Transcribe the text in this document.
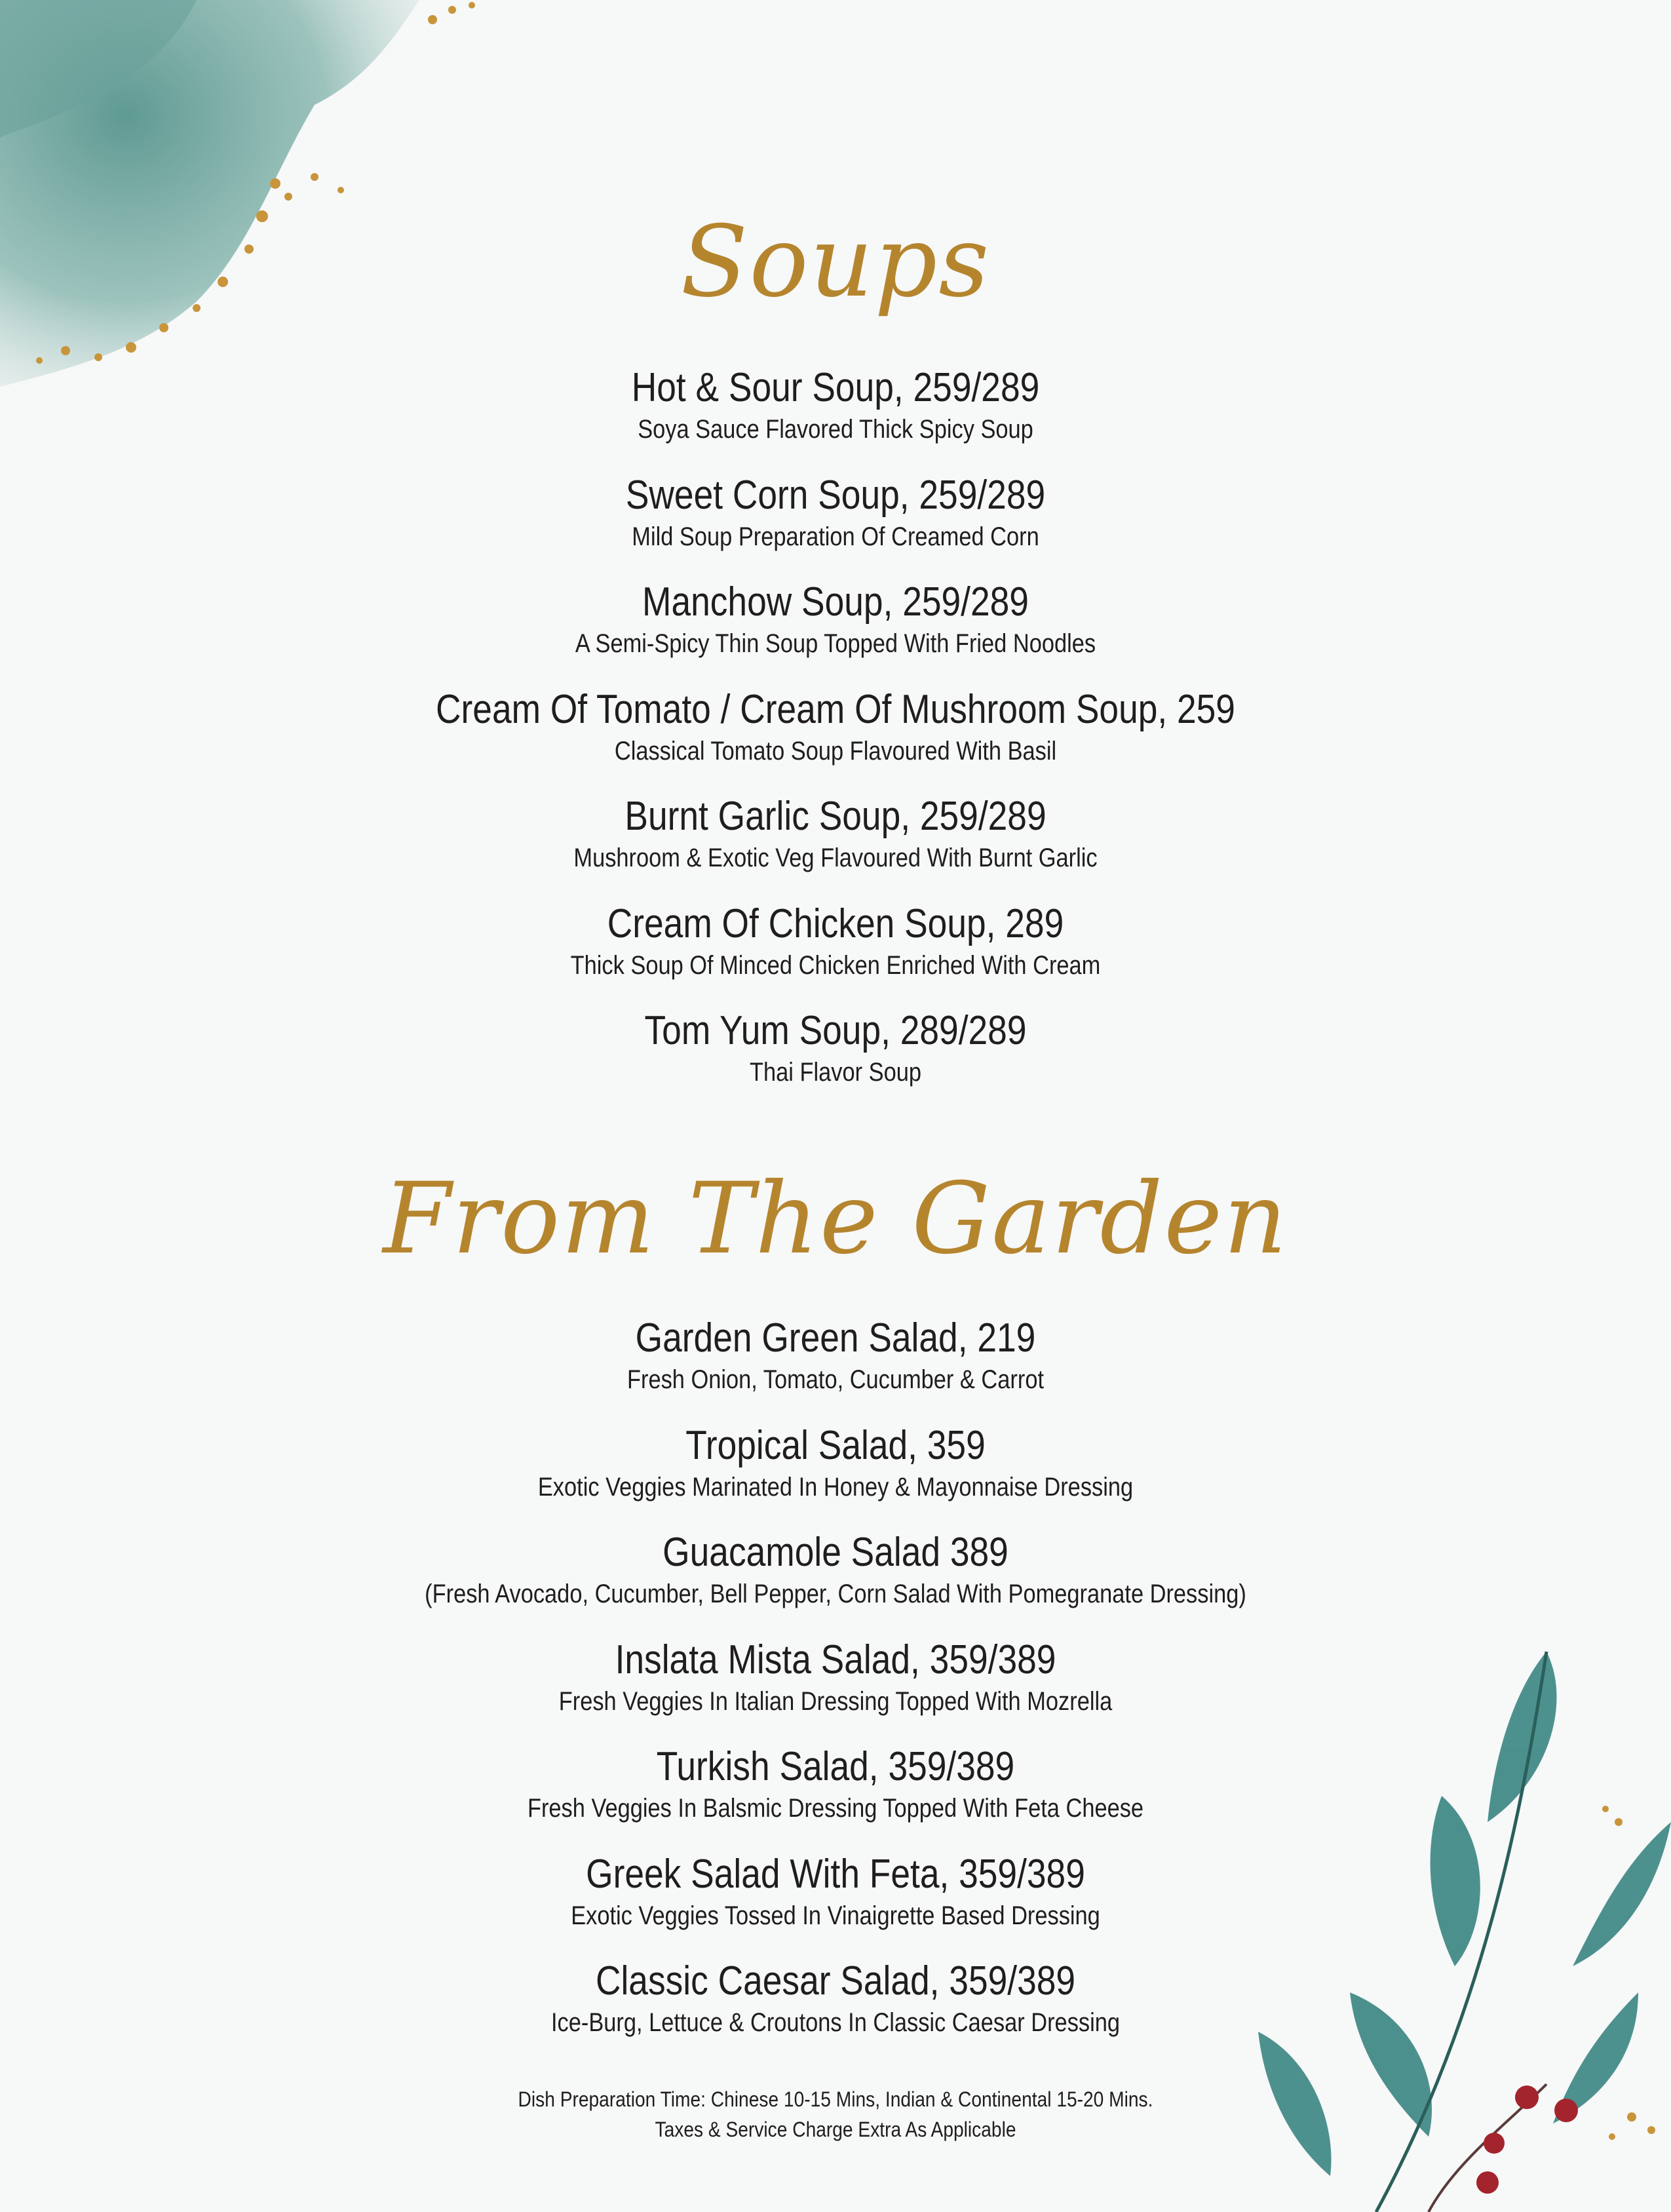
Soups
Hot & Sour Soup, 259/289
Soya Sauce Flavored Thick Spicy Soup
Sweet Corn Soup, 259/289
Mild Soup Preparation Of Creamed Corn
Manchow Soup, 259/289
A Semi-Spicy Thin Soup Topped With Fried Noodles
Cream Of Tomato / Cream Of Mushroom Soup, 259
Classical Tomato Soup Flavoured With Basil
Burnt Garlic Soup, 259/289
Mushroom & Exotic Veg Flavoured With Burnt Garlic
Cream Of Chicken Soup, 289
Thick Soup Of Minced Chicken Enriched With Cream
Tom Yum Soup, 289/289
Thai Flavor Soup
From The Garden
Garden Green Salad, 219
Fresh Onion, Tomato, Cucumber & Carrot
Tropical Salad, 359
Exotic Veggies Marinated In Honey & Mayonnaise Dressing
Guacamole Salad 389
(Fresh Avocado, Cucumber, Bell Pepper, Corn Salad With Pomegranate Dressing)
Inslata Mista Salad, 359/389
Fresh Veggies In Italian Dressing Topped With Mozrella
Turkish Salad, 359/389
Fresh Veggies In Balsmic Dressing Topped With Feta Cheese
Greek Salad With Feta, 359/389
Exotic Veggies Tossed In Vinaigrette Based Dressing
Classic Caesar Salad, 359/389
Ice-Burg, Lettuce & Croutons In Classic Caesar Dressing
Dish Preparation Time: Chinese 10-15 Mins, Indian & Continental 15-20 Mins.
Taxes & Service Charge Extra As Applicable
